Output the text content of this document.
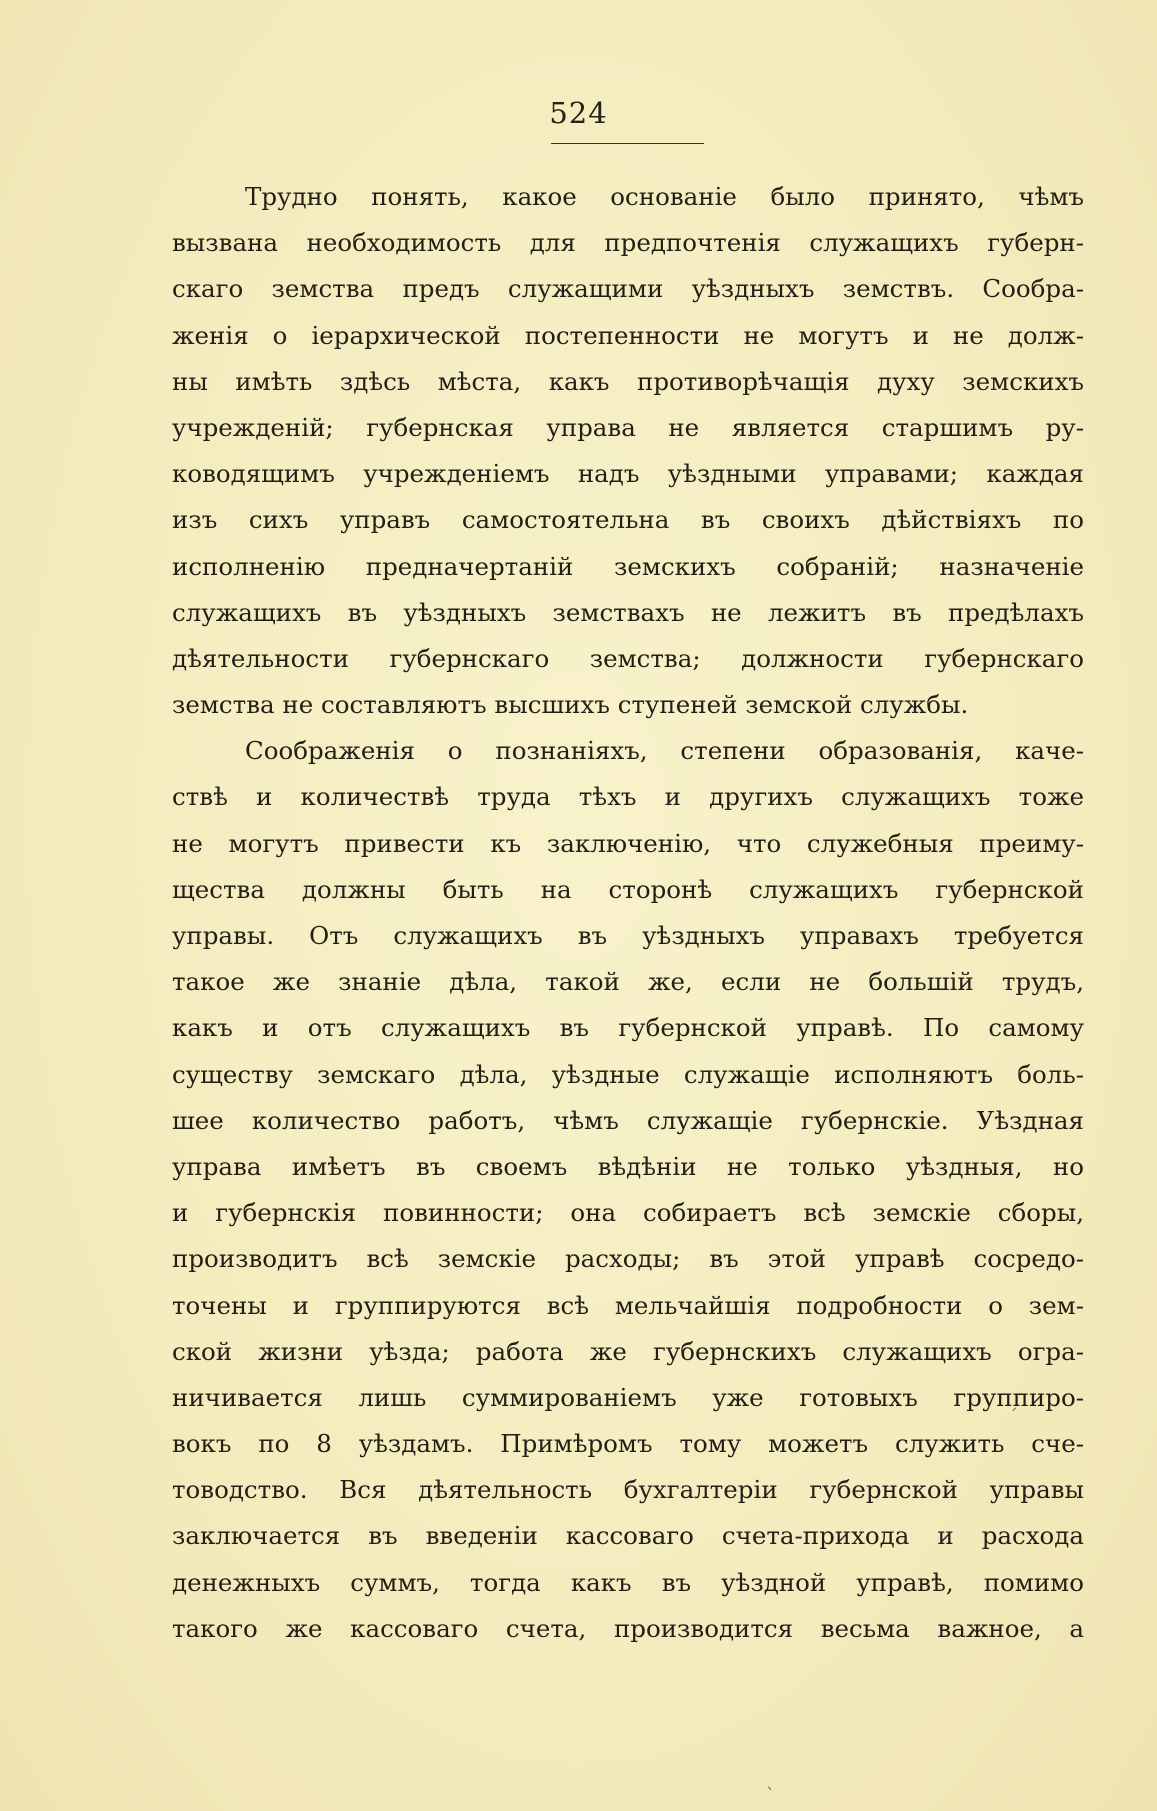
524
Трудно понять, какое основаніе было принято, чѣмъ
вызвана необходимость для предпочтенія служащихъ губерн-
скаго земства предъ служащими уѣздныхъ земствъ. Сообра-
женія о іерархической постепенности не могутъ и не долж-
ны имѣть здѣсь мѣста, какъ противорѣчащія духу земскихъ
учрежденій; губернская управа не является старшимъ ру-
ководящимъ учрежденіемъ надъ уѣздными управами; каждая
изъ сихъ управъ самостоятельна въ своихъ дѣйствіяхъ по
исполненію предначертаній земскихъ собраній; назначеніе
служащихъ въ уѣздныхъ земствахъ не лежитъ въ предѣлахъ
дѣятельности губернскаго земства; должности губернскаго
земства не составляютъ высшихъ ступеней земской службы.
Соображенія о познаніяхъ, степени образованія, каче-
ствѣ и количествѣ труда тѣхъ и другихъ служащихъ тоже
не могутъ привести къ заключенію, что служебныя преиму-
щества должны быть на сторонѣ служащихъ губернской
управы. Отъ служащихъ въ уѣздныхъ управахъ требуется
такое же знаніе дѣла, такой же, если не большій трудъ,
какъ и отъ служащихъ въ губернской управѣ. По самому
существу земскаго дѣла, уѣздные служащіе исполняютъ боль-
шее количество работъ, чѣмъ служащіе губернскіе. Уѣздная
управа имѣетъ въ своемъ вѣдѣніи не только уѣздныя, но
и губернскія повинности; она собираетъ всѣ земскіе сборы,
производитъ всѣ земскіе расходы; въ этой управѣ сосредо-
точены и группируются всѣ мельчайшія подробности о зем-
ской жизни уѣзда; работа же губернскихъ служащихъ огра-
ничивается лишь суммированіемъ уже готовыхъ группиро-
вокъ по 8 уѣздамъ. Примѣромъ тому можетъ служить сче-
товодство. Вся дѣятельность бухгалтеріи губернской управы
заключается въ введеніи кассоваго счета-прихода и расхода
денежныхъ суммъ, тогда какъ въ уѣздной управѣ, помимо
такого же кассоваго счета, производится весьма важное, а
ˊ
ˎ
